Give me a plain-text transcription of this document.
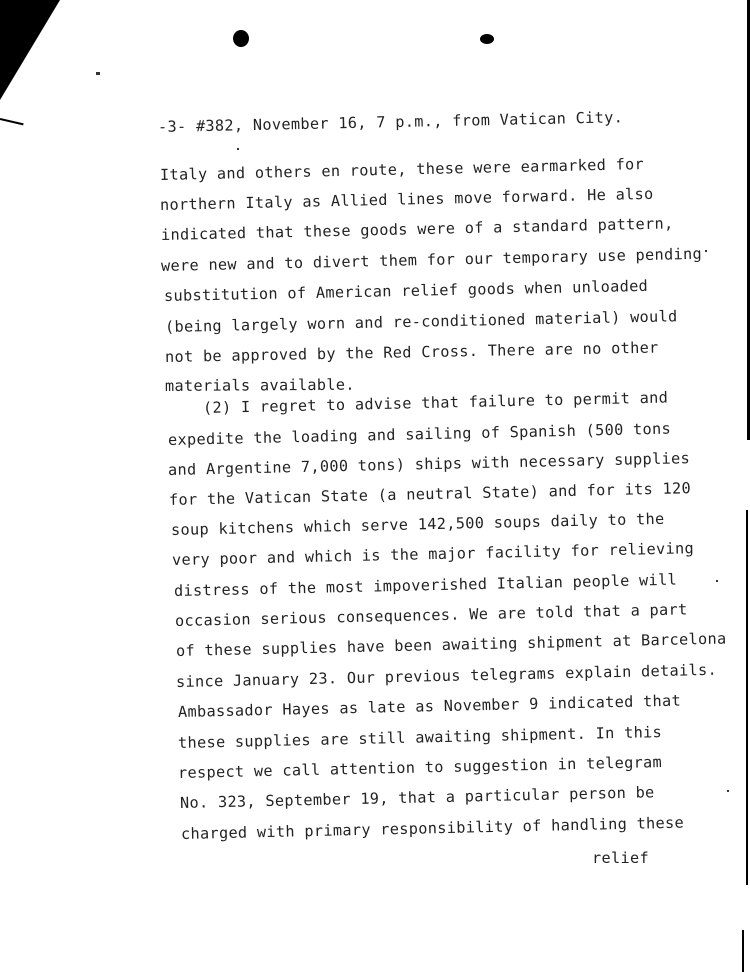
-3- #382, November 16, 7 p.m., from Vatican City.
Italy and others en route, these were earmarked for
northern Italy as Allied lines move forward. He also
indicated that these goods were of a standard pattern,
were new and to divert them for our temporary use pending
substitution of American relief goods when unloaded
(being largely worn and re-conditioned material) would
not be approved by the Red Cross. There are no other
materials available.
(2) I regret to advise that failure to permit and
expedite the loading and sailing of Spanish (500 tons
and Argentine 7,000 tons) ships with necessary supplies
for the Vatican State (a neutral State) and for its 120
soup kitchens which serve 142,500 soups daily to the
very poor and which is the major facility for relieving
distress of the most impoverished Italian people will
occasion serious consequences. We are told that a part
of these supplies have been awaiting shipment at Barcelona
since January 23. Our previous telegrams explain details.
Ambassador Hayes as late as November 9 indicated that
these supplies are still awaiting shipment. In this
respect we call attention to suggestion in telegram
No. 323, September 19, that a particular person be
charged with primary responsibility of handling these
relief
